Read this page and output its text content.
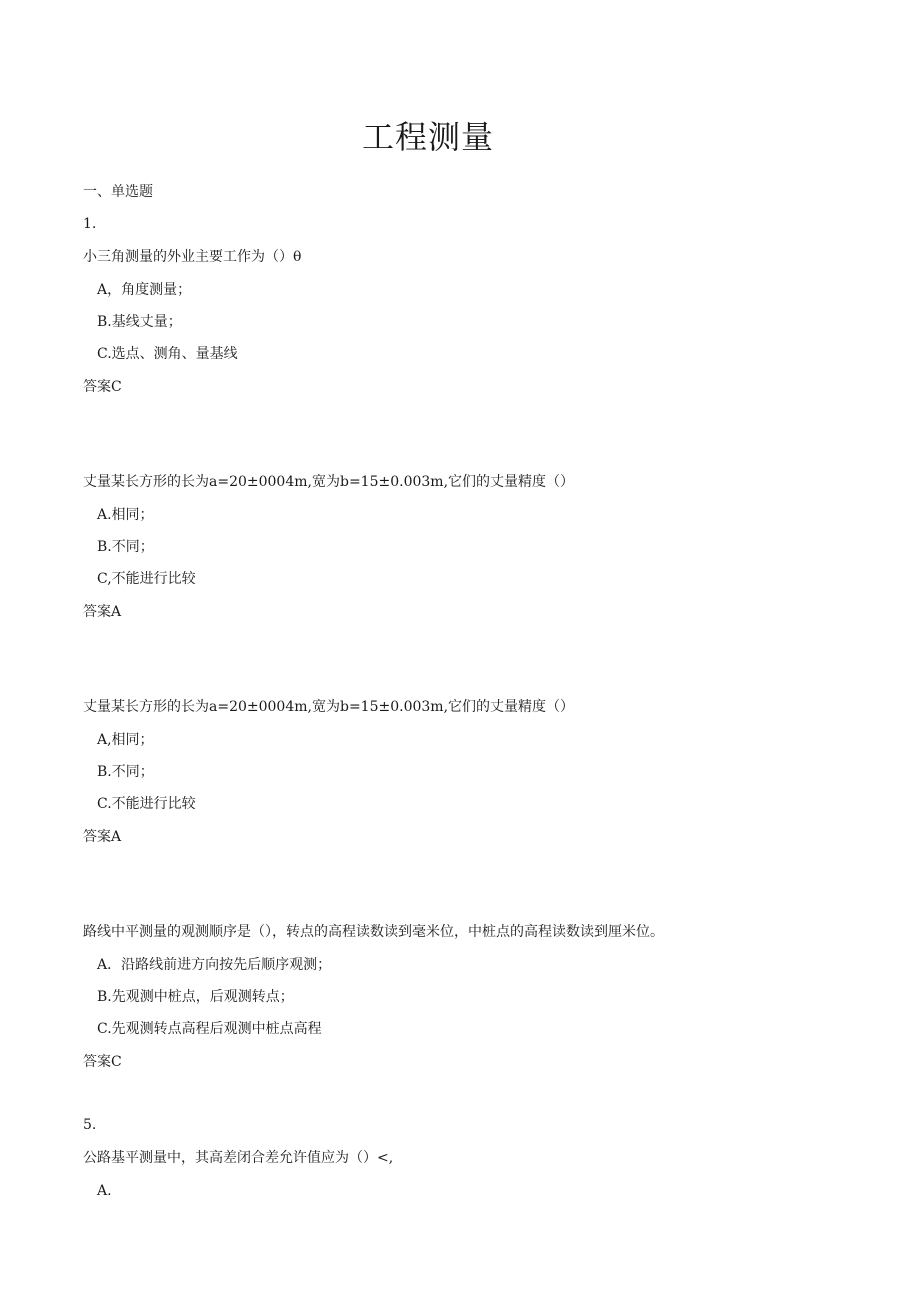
工程测量
一、单选题
1.
小三角测量的外业主要工作为（）θ
A，角度测量；
B.基线丈量；
C.选点、测角、量基线
答案C
丈量某长方形的长为a=20±0004m,宽为b=15±0.003m,它们的丈量精度（）
A.相同；
B.不同；
C,不能进行比较
答案A
丈量某长方形的长为a=20±0004m,宽为b=15±0.003m,它们的丈量精度（）
A,相同；
B.不同；
C.不能进行比较
答案A
路线中平测量的观测顺序是（），转点的高程读数读到毫米位，中桩点的高程读数读到厘米位。
A．沿路线前进方向按先后顺序观测；
B.先观测中桩点，后观测转点；
C.先观测转点高程后观测中桩点高程
答案C
5.
公路基平测量中，其高差闭合差允许值应为（）<,
A.
